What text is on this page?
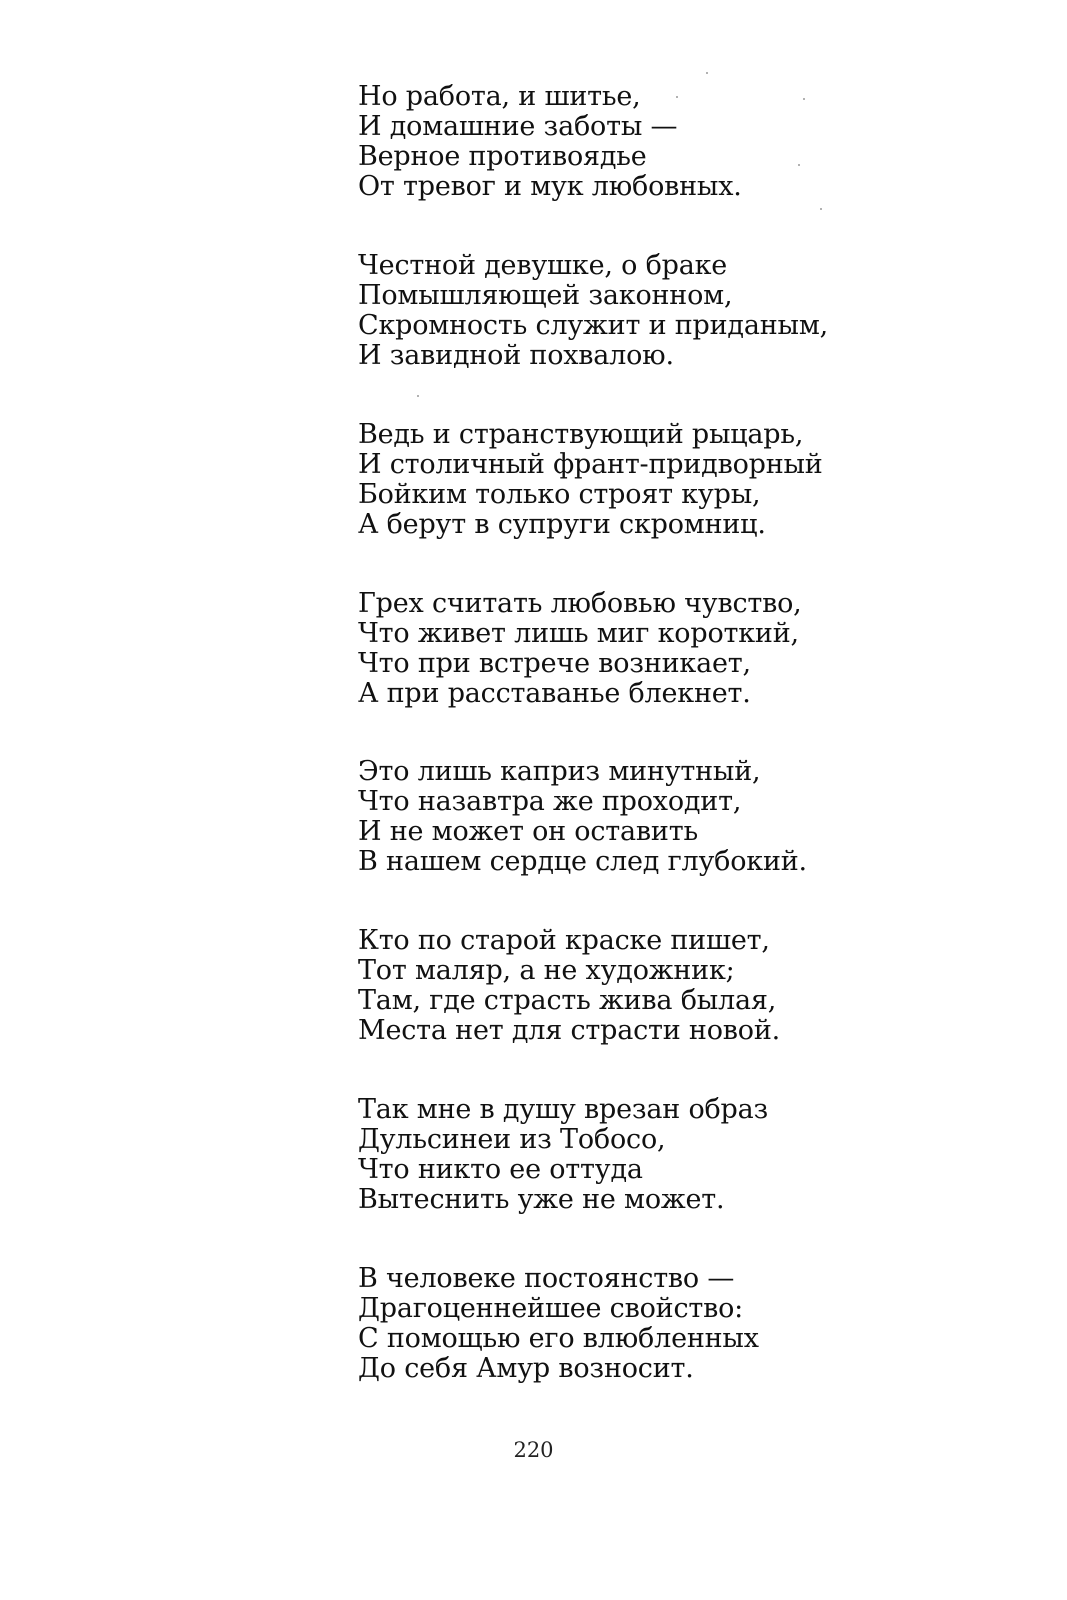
Но работа, и шитье,
И домашние заботы —
Верное противоядье
От тревог и мук любовных.
Честной девушке, о браке
Помышляющей законном,
Скромность служит и приданым,
И завидной похвалою.
Ведь и странствующий рыцарь,
И столичный франт-придворный
Бойким только строят куры,
А берут в супруги скромниц.
Грех считать любовью чувство,
Что живет лишь миг короткий,
Что при встрече возникает,
А при расставанье блекнет.
Это лишь каприз минутный,
Что назавтра же проходит,
И не может он оставить
В нашем сердце след глубокий.
Кто по старой краске пишет,
Тот маляр, а не художник;
Там, где страсть жива былая,
Места нет для страсти новой.
Так мне в душу врезан образ
Дульсинеи из Тобосо,
Что никто ее оттуда
Вытеснить уже не может.
В человеке постоянство —
Драгоценнейшее свойство:
С помощью его влюбленных
До себя Амур возносит.
220
